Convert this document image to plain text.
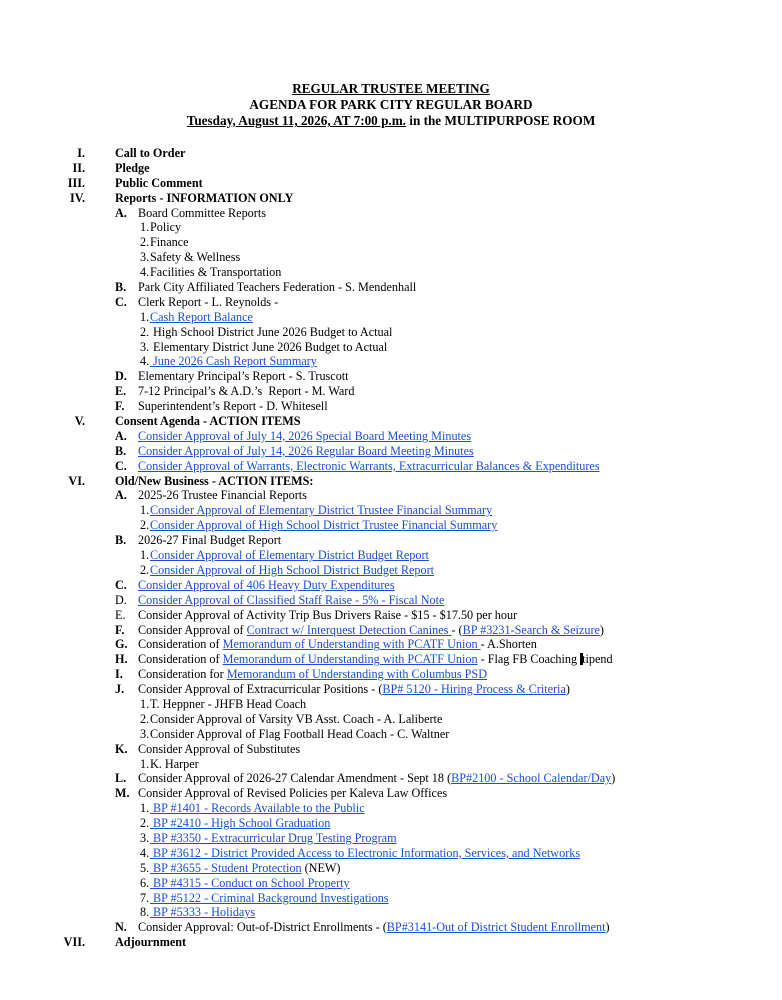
REGULAR TRUSTEE MEETING
AGENDA FOR PARK CITY REGULAR BOARD
Tuesday, August 11, 2026, AT 7:00 p.m. in the MULTIPURPOSE ROOM
I. Call to Order
II. Pledge
III. Public Comment
IV. Reports - INFORMATION ONLY
A. Board Committee Reports
1. Policy
2. Finance
3. Safety & Wellness
4. Facilities & Transportation
B. Park City Affiliated Teachers Federation - S. Mendenhall
C. Clerk Report - L. Reynolds -
1. Cash Report Balance
2. High School District June 2026 Budget to Actual
3. Elementary District June 2026 Budget to Actual
4. June 2026 Cash Report Summary
D. Elementary Principal’s Report - S. Truscott
E. 7-12 Principal’s & A.D.’s  Report - M. Ward
F.	Superintendent’s Report - D. Whitesell
V. Consent Agenda - ACTION ITEMS
A. Consider Approval of July 14, 2026 Special Board Meeting Minutes
B. Consider Approval of July 14, 2026 Regular Board Meeting Minutes
C. Consider Approval of Warrants, Electronic Warrants, Extracurricular Balances & Expenditures
VI. Old/New Business - ACTION ITEMS:
A. 2025-26 Trustee Financial Reports
1. Consider Approval of Elementary District Trustee Financial Summary
2. Consider Approval of High School District Trustee Financial Summary
B. 2026-27 Final Budget Report
1. Consider Approval of Elementary District Budget Report
2. Consider Approval of High School District Budget Report
C. Consider Approval of 406 Heavy Duty Expenditures
D. Consider Approval of Classified Staff Raise - 5% - Fiscal Note
E.	Consider Approval of Activity Trip Bus Drivers Raise - $15 - $17.50 per hour
F.	Consider Approval of Contract w/ Interquest Detection Canines - (BP #3231-Search & Seizure)
G. Consideration of Memorandum of Understanding with PCATF Union - A.Shorten
H. Consideration of Memorandum of Understanding with PCATF Union - Flag FB Coaching tipend
I.	Consideration for Memorandum of Understanding with Columbus PSD
J.	Consider Approval of Extracurricular Positions - (BP# 5120 - Hiring Process & Criteria)
1. T. Heppner - JHFB Head Coach
2. Consider Approval of Varsity VB Asst. Coach - A. Laliberte
3. Consider Approval of Flag Football Head Coach - C. Waltner
K. Consider Approval of Substitutes
1. K. Harper
L. Consider Approval of 2026-27 Calendar Amendment - Sept 18 (BP#2100 - School Calendar/Day)
M. Consider Approval of Revised Policies per Kaleva Law Offices
1. BP #1401 - Records Available to the Public
2. BP #2410 - High School Graduation
3. BP #3350 - Extracurricular Drug Testing Program
4. BP #3612 - District Provided Access to Electronic Information, Services, and Networks
5. BP #3655 - Student Protection (NEW)
6. BP #4315 - Conduct on School Property
7. BP #5122 - Criminal Background Investigations
8. BP #5333 - Holidays
N. Consider Approval: Out-of-District Enrollments - (BP#3141-Out of District Student Enrollment)
VII. Adjournment
